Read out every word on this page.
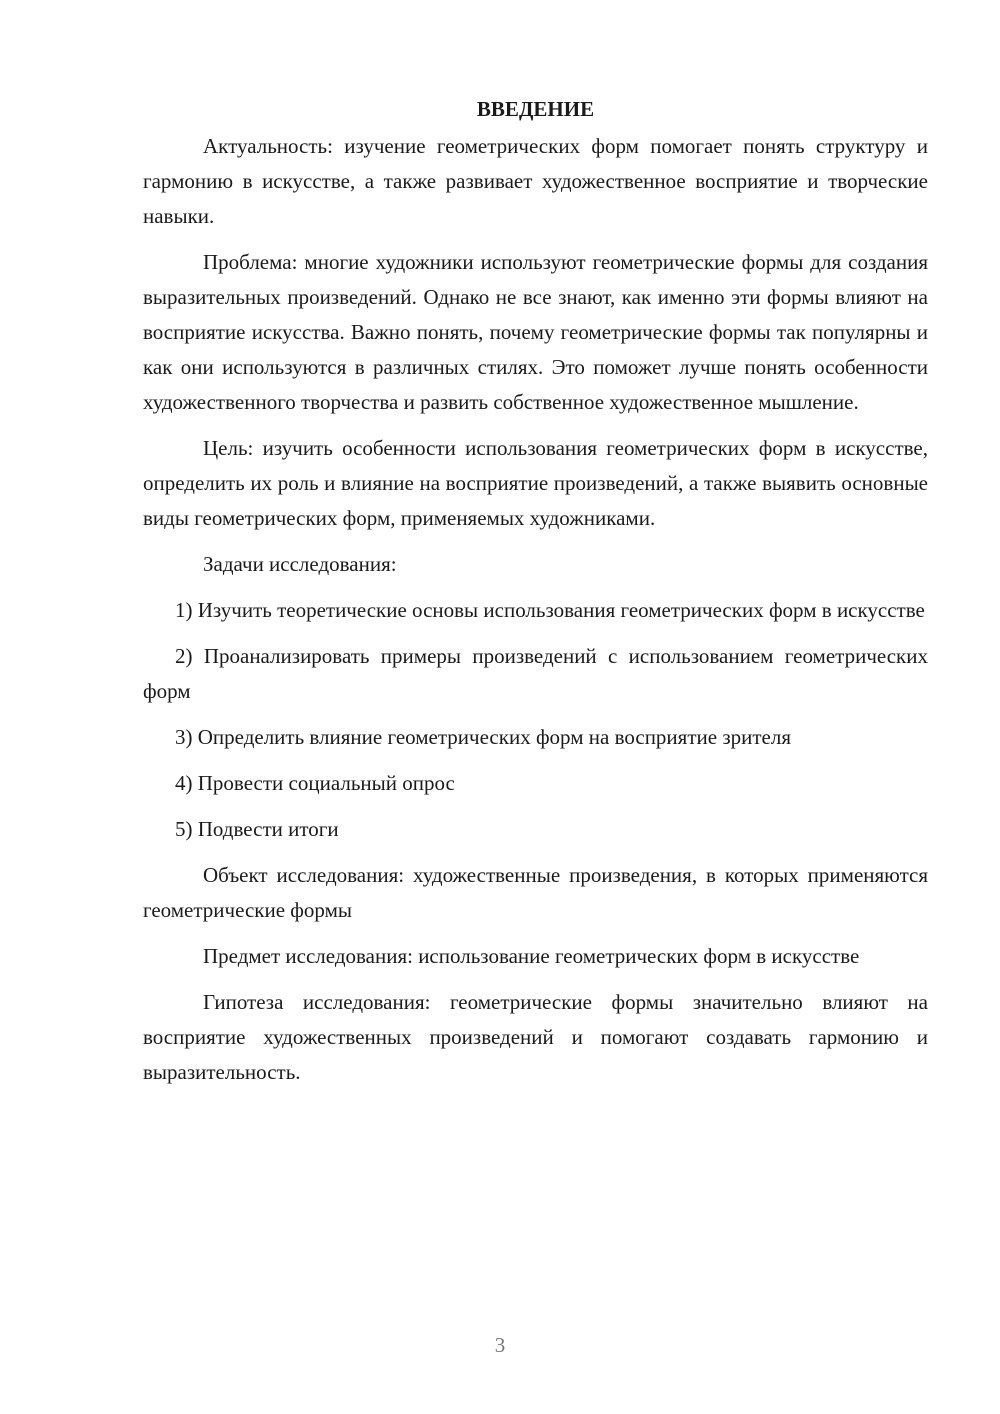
ВВЕДЕНИЕ

Актуальность: изучение геометрических форм помогает понять структуру и гармонию в искусстве, а также развивает художественное восприятие и творческие навыки.

Проблема: многие художники используют геометрические формы для создания выразительных произведений. Однако не все знают, как именно эти формы влияют на восприятие искусства. Важно понять, почему геометрические формы так популярны и как они используются в различных стилях. Это поможет лучше понять особенности художественного творчества и развить собственное художественное мышление.

Цель: изучить особенности использования геометрических форм в искусстве, определить их роль и влияние на восприятие произведений, а также выявить основные виды геометрических форм, применяемых художниками.

Задачи исследования:

1) Изучить теоретические основы использования геометрических форм в искусстве

2) Проанализировать примеры произведений с использованием геометрических форм

3) Определить влияние геометрических форм на восприятие зрителя

4) Провести социальный опрос

5) Подвести итоги

Объект исследования: художественные произведения, в которых применяются геометрические формы

Предмет исследования: использование геометрических форм в искусстве

Гипотеза исследования: геометрические формы значительно влияют на восприятие художественных произведений и помогают создавать гармонию и выразительность.

3
